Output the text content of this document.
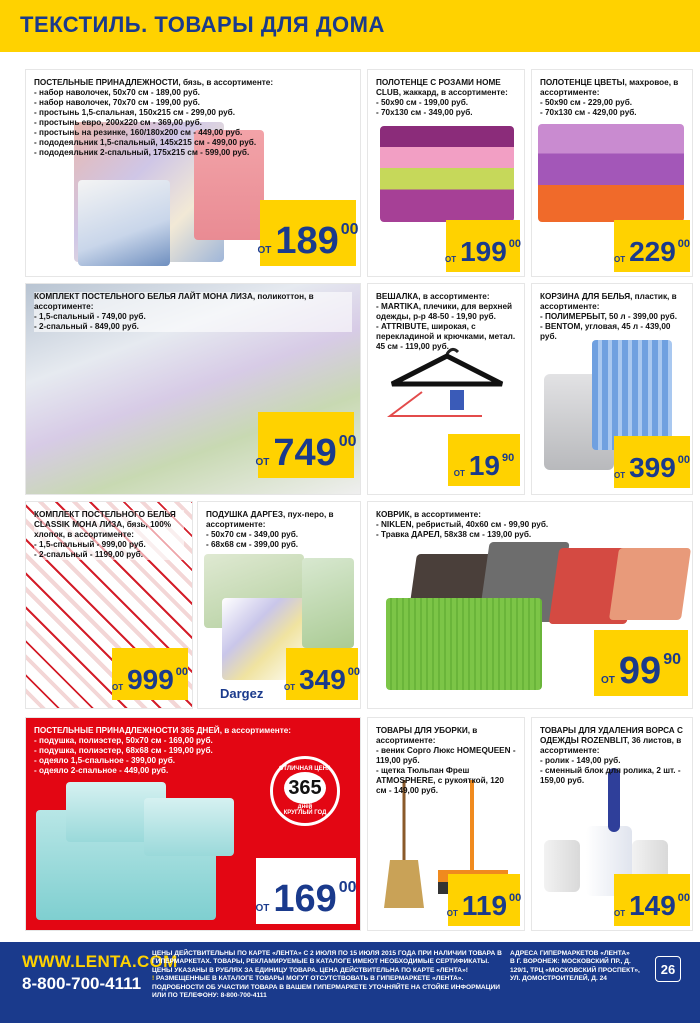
ТЕКСТИЛЬ. ТОВАРЫ ДЛЯ ДОМА
ПОСТЕЛЬНЫЕ ПРИНАДЛЕЖНОСТИ, бязь, в ассортименте:
- набор наволочек, 50x70 см - 189,00 руб.
- набор наволочек, 70x70 см - 199,00 руб.
- простынь 1,5-спальная, 150x215 см - 299,00 руб.
- простынь евро, 200x220 см - 369,00 руб.
- простынь на резинке, 160/180x200 см - 449,00 руб.
- пододеяльник 1,5-спальный, 145x215 см - 499,00 руб.
- пододеяльник 2-спальный, 175x215 см - 599,00 руб.
ОТ 189 00
ПОЛОТЕНЦЕ С РОЗАМИ HOME CLUB, жаккард, в ассортименте:
- 50x90 см - 199,00 руб.
- 70x130 см - 349,00 руб.
ОТ 199 00
ПОЛОТЕНЦЕ ЦВЕТЫ, махровое, в ассортименте:
- 50x90 см - 229,00 руб.
- 70x130 см - 429,00 руб.
ОТ 229 00
КОМПЛЕКТ ПОСТЕЛЬНОГО БЕЛЬЯ ЛАЙТ МОНА ЛИЗА, поликоттон, в ассортименте:
- 1,5-спальный - 749,00 руб.
- 2-спальный - 849,00 руб.
ОТ 749 00
ВЕШАЛКА, в ассортименте:
- MARTIKA, плечики, для верхней одежды, р-р 48-50 - 19,90 руб.
- ATTRIBUTE, широкая, с перекладиной и крючками, метал. 45 см - 119,00 руб.
ОТ 19 90
КОРЗИНА ДЛЯ БЕЛЬЯ, пластик, в ассортименте:
- ПОЛИМЕРБЫТ, 50 л - 399,00 руб.
- BENTOM, угловая, 45 л - 439,00 руб.
ОТ 399 00
КОМПЛЕКТ ПОСТЕЛЬНОГО БЕЛЬЯ CLASSIK МОНА ЛИЗА, бязь, 100% хлопок, в ассортименте:
- 1,5-спальный - 999,00 руб.
- 2-спальный - 1199,00 руб.
ОТ 999 00
ПОДУШКА ДАРГЕЗ, пух-перо, в ассортименте:
- 50x70 см - 349,00 руб.
- 68x68 см - 399,00 руб.
Dargez	ОТ 349 00
КОВРИК, в ассортименте:
- NIKLEN, ребристый, 40x60 см - 99,90 руб.
- Травка ДАРЕЛ, 58x38 см - 139,00 руб.
ОТ 99 90
ПОСТЕЛЬНЫЕ ПРИНАДЛЕЖНОСТИ 365 ДНЕЙ, в ассортименте:
- подушка, полиэстер, 50x70 см - 169,00 руб.
- подушка, полиэстер, 68x68 см - 199,00 руб.
- одеяло 1,5-спальное - 399,00 руб.
- одеяло 2-спальное - 449,00 руб.	ОТЛИЧНАЯ ЦЕНА
365
дней
КРУГЛЫЙ ГОД
ОТ 169 00
ТОВАРЫ ДЛЯ УБОРКИ, в ассортименте:
- веник Сорго Люкс HOMEQUEEN - 119,00 руб.
- щетка Тюльпан Фреш ATMOSPHERE, с рукояткой, 120 см - 149,00 руб.
ОТ 119 00
ТОВАРЫ ДЛЯ УДАЛЕНИЯ ВОРСА С ОДЕЖДЫ ROZENBLIT, 36 листов, в ассортименте:
- ролик - 149,00 руб.
- сменный блок для ролика, 2 шт. - 159,00 руб.
ОТ 149 00
WWW.LENTA.COM
8-800-700-4111
ЦЕНЫ ДЕЙСТВИТЕЛЬНЫ ПО КАРТЕ «ЛЕНТА» С 2 ИЮЛЯ ПО 15 ИЮЛЯ 2015 ГОДА ПРИ НАЛИЧИИ ТОВАРА В ГИПЕРМАРКЕТАХ. ТОВАРЫ, РЕКЛАМИРУЕМЫЕ В КАТАЛОГЕ ИМЕЮТ НЕОБХОДИМЫЕ СЕРТИФИКАТЫ. ЦЕНЫ УКАЗАНЫ В РУБЛЯХ ЗА ЕДИНИЦУ ТОВАРА. ЦЕНА ДЕЙСТВИТЕЛЬНА ПО КАРТЕ «ЛЕНТА»!
! РАЗМЕЩЕННЫЕ В КАТАЛОГЕ ТОВАРЫ МОГУТ ОТСУТСТВОВАТЬ В ГИПЕРМАРКЕТЕ «ЛЕНТА». ПОДРОБНОСТИ ОБ УЧАСТИИ ТОВАРА В ВАШЕМ ГИПЕРМАРКЕТЕ УТОЧНЯЙТЕ НА СТОЙКЕ ИНФОРМАЦИИ ИЛИ ПО ТЕЛЕФОНУ: 8-800-700-4111
АДРЕСА ГИПЕРМАРКЕТОВ «ЛЕНТА»
В Г. ВОРОНЕЖ: МОСКОВСКИЙ ПР., Д. 129/1, ТРЦ «МОСКОВСКИЙ ПРОСПЕКТ»,
УЛ. ДОМОСТРОИТЕЛЕЙ, Д. 24
26
